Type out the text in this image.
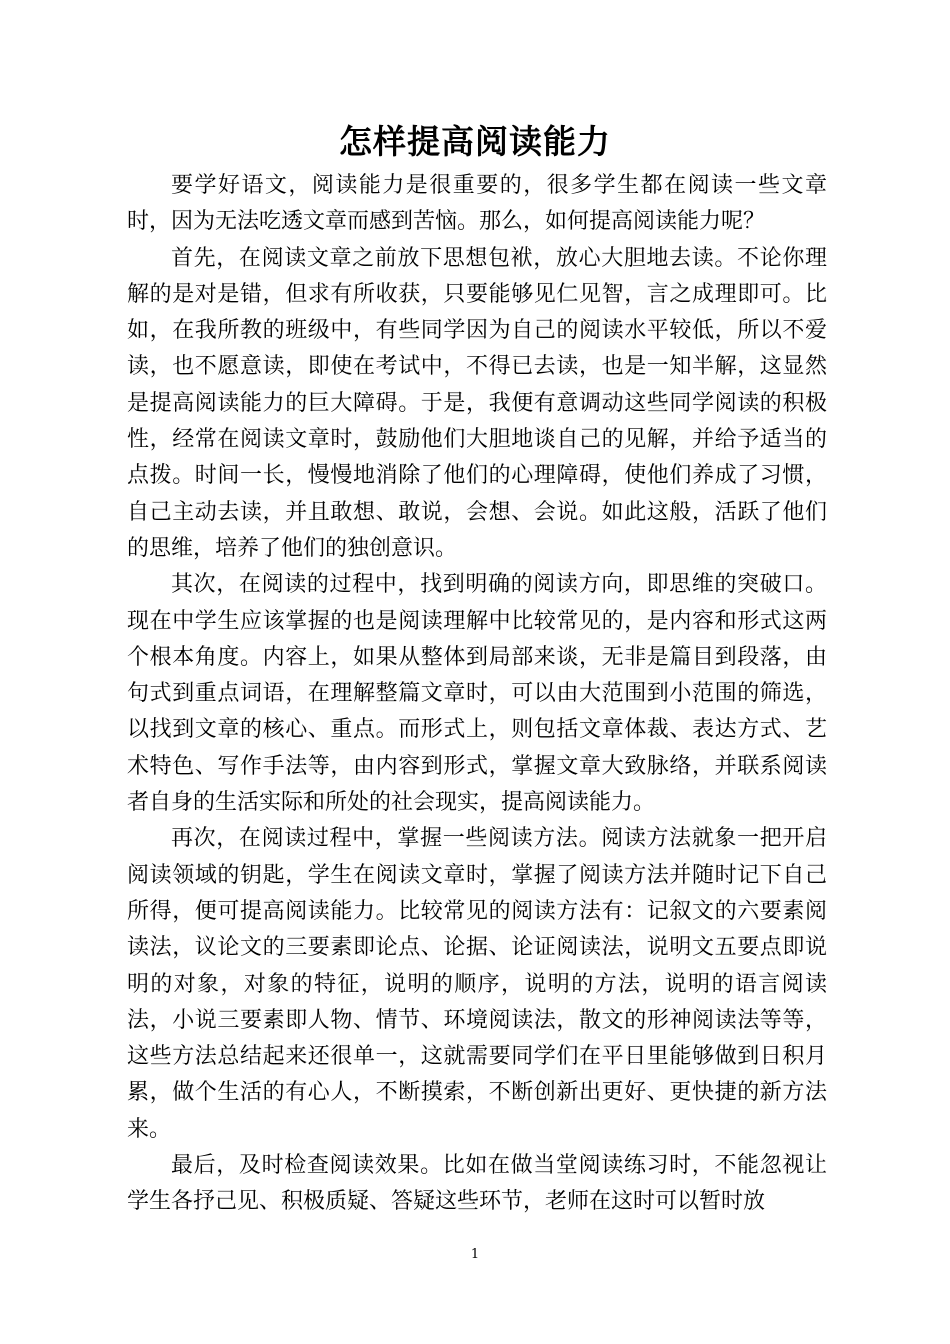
怎样提高阅读能力

要学好语文，阅读能力是很重要的，很多学生都在阅读一些文章时，因为无法吃透文章而感到苦恼。那么，如何提高阅读能力呢？

首先，在阅读文章之前放下思想包袱，放心大胆地去读。不论你理解的是对是错，但求有所收获，只要能够见仁见智，言之成理即可。比如，在我所教的班级中，有些同学因为自己的阅读水平较低，所以不爱读，也不愿意读，即使在考试中，不得已去读，也是一知半解，这显然是提高阅读能力的巨大障碍。于是，我便有意调动这些同学阅读的积极性，经常在阅读文章时，鼓励他们大胆地谈自己的见解，并给予适当的点拨。时间一长，慢慢地消除了他们的心理障碍，使他们养成了习惯，自己主动去读，并且敢想、敢说，会想、会说。如此这般，活跃了他们的思维，培养了他们的独创意识。

其次，在阅读的过程中，找到明确的阅读方向，即思维的突破口。现在中学生应该掌握的也是阅读理解中比较常见的，是内容和形式这两个根本角度。内容上，如果从整体到局部来谈，无非是篇目到段落，由句式到重点词语，在理解整篇文章时，可以由大范围到小范围的筛选，以找到文章的核心、重点。而形式上，则包括文章体裁、表达方式、艺术特色、写作手法等，由内容到形式，掌握文章大致脉络，并联系阅读者自身的生活实际和所处的社会现实，提高阅读能力。

再次，在阅读过程中，掌握一些阅读方法。阅读方法就象一把开启阅读领域的钥匙，学生在阅读文章时，掌握了阅读方法并随时记下自己所得，便可提高阅读能力。比较常见的阅读方法有：记叙文的六要素阅读法，议论文的三要素即论点、论据、论证阅读法，说明文五要点即说明的对象，对象的特征，说明的顺序，说明的方法，说明的语言阅读法，小说三要素即人物、情节、环境阅读法，散文的形神阅读法等等，这些方法总结起来还很单一，这就需要同学们在平日里能够做到日积月累，做个生活的有心人，不断摸索，不断创新出更好、更快捷的新方法来。

最后，及时检查阅读效果。比如在做当堂阅读练习时，不能忽视让学生各抒己见、积极质疑、答疑这些环节，老师在这时可以暂时放

1
